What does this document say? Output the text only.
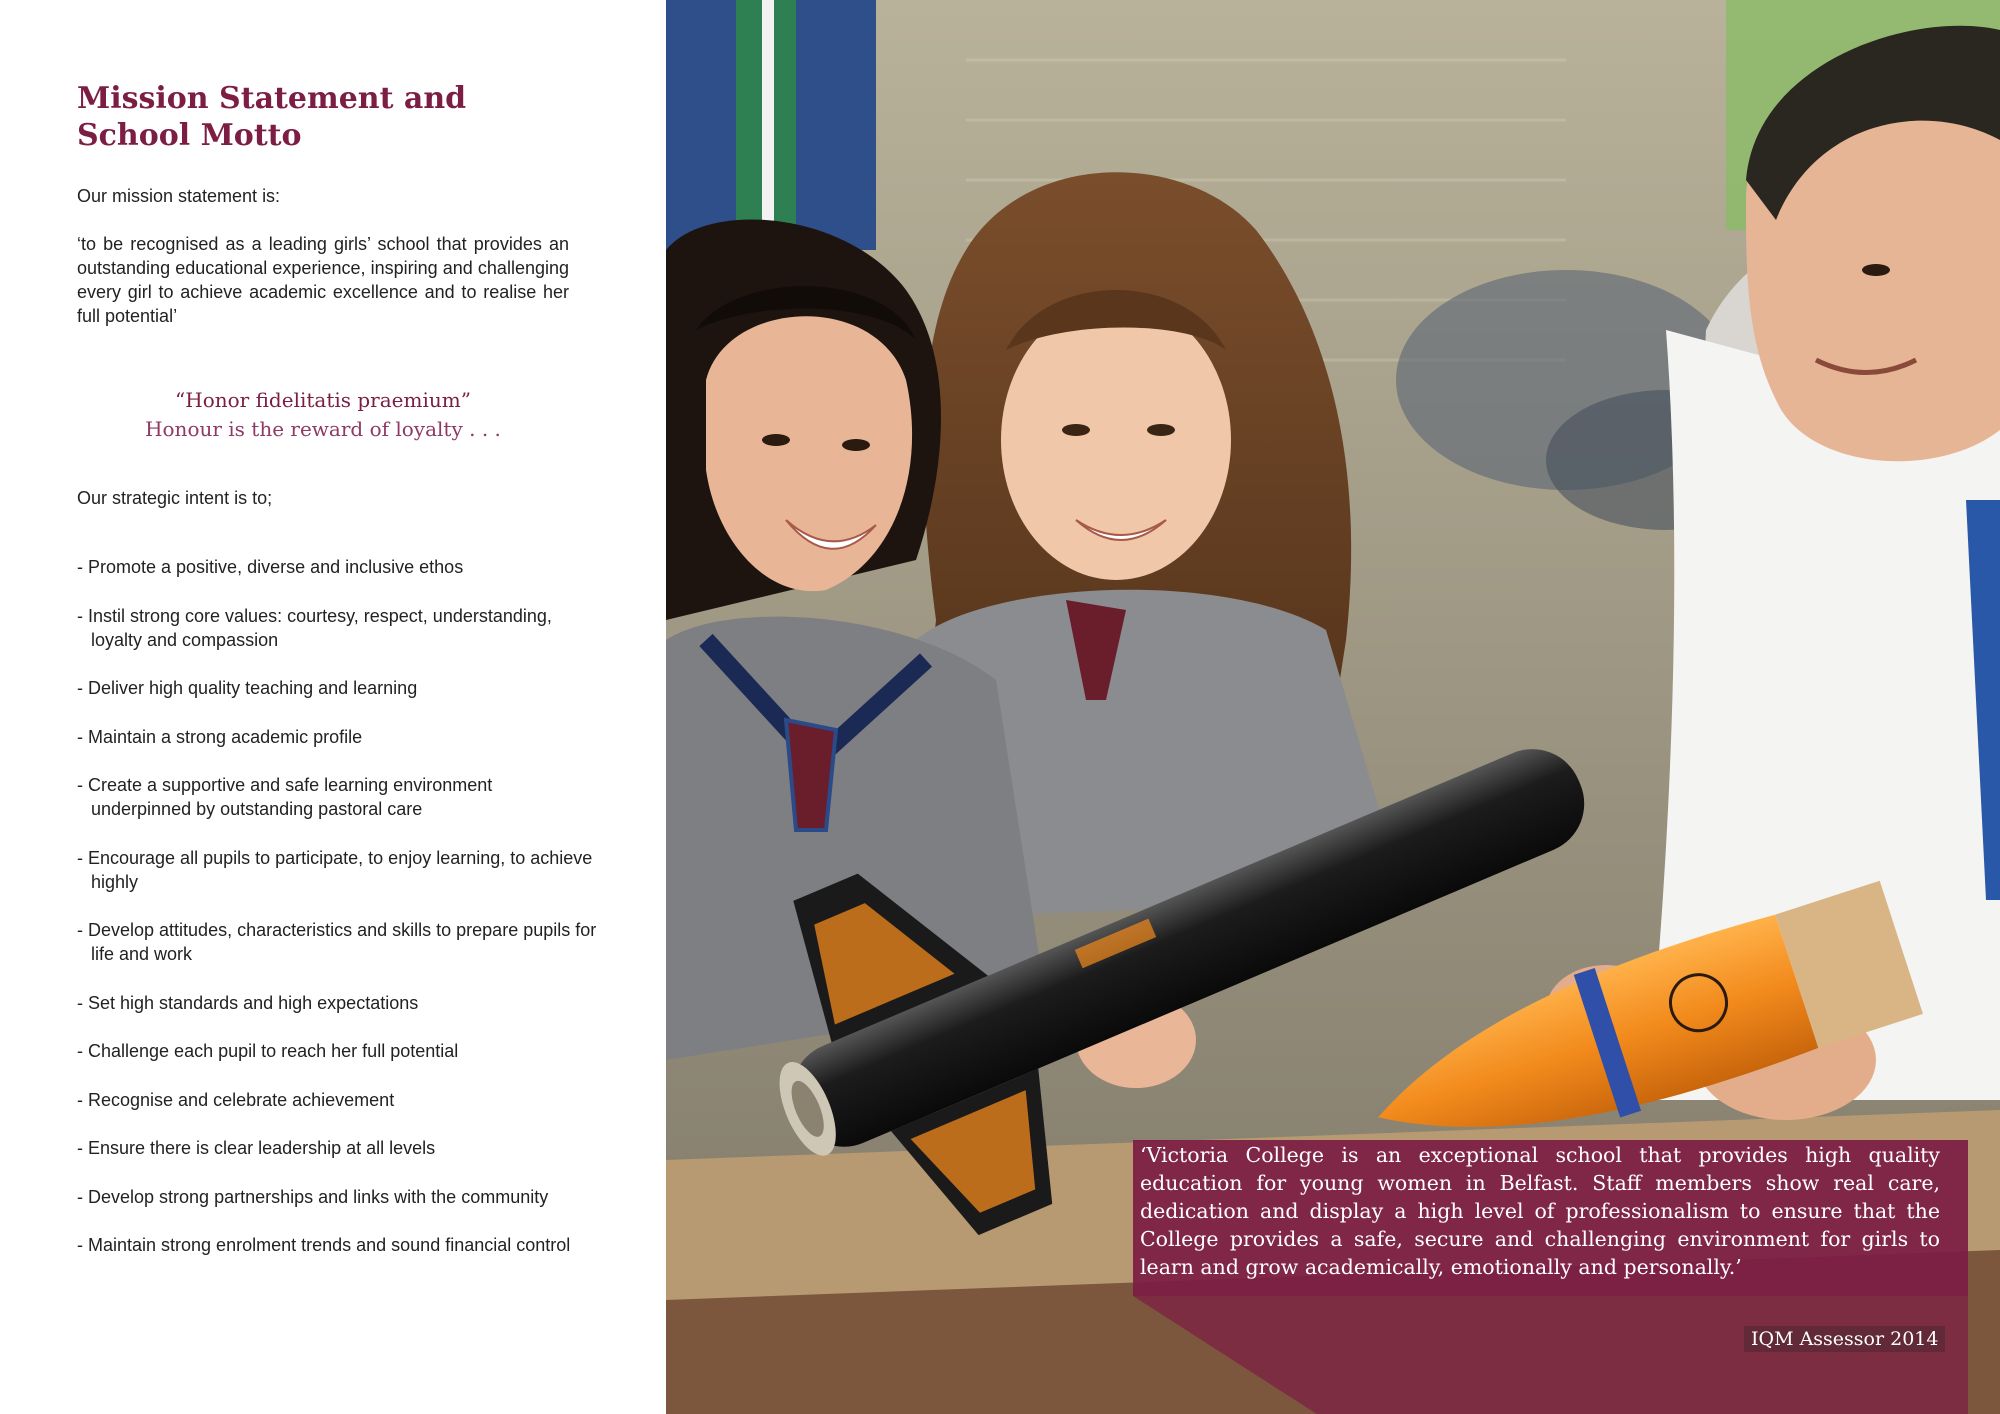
Mission Statement and
School Motto

Our mission statement is:

‘to be recognised as a leading girls’ school that provides an outstanding educational experience, inspiring and challenging every girl to achieve academic excellence and to realise her full potential’

“Honor fidelitatis praemium”
Honour is the reward of loyalty . . .

Our strategic intent is to;

- Promote a positive, diverse and inclusive ethos
- Instil strong core values: courtesy, respect, understanding, loyalty and compassion
- Deliver high quality teaching and learning
- Maintain a strong academic profile
- Create a supportive and safe learning environment underpinned by outstanding pastoral care
- Encourage all pupils to participate, to enjoy learning, to achieve highly
- Develop attitudes, characteristics and skills to prepare pupils for life and work
- Set high standards and high expectations
- Challenge each pupil to reach her full potential
- Recognise and celebrate achievement
- Ensure there is clear leadership at all levels
- Develop strong partnerships and links with the community
- Maintain strong enrolment trends and sound financial control

‘Victoria College is an exceptional school that provides high quality education for young women in Belfast. Staff members show real care, dedication and display a high level of professionalism to ensure that the College provides a safe, secure and challenging environment for girls to learn and grow academically, emotionally and personally.’

IQM Assessor 2014
